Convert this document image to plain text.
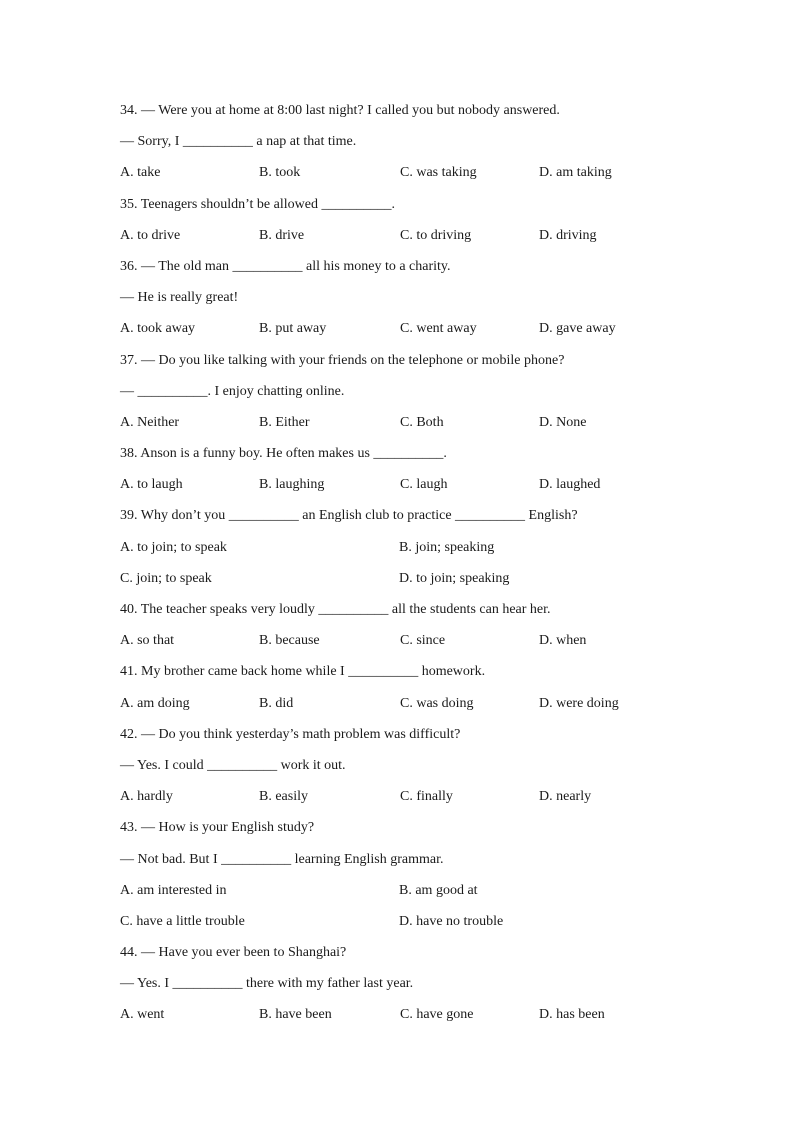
34. — Were you at home at 8:00 last night? I called you but nobody answered.
— Sorry, I __________ a nap at that time.
A. take	B. took	C. was taking	D. am taking
35. Teenagers shouldn’t be allowed __________.
A. to drive	B. drive	C. to driving	D. driving
36. — The old man __________ all his money to a charity.
— He is really great!
A. took away	B. put away	C. went away	D. gave away
37. — Do you like talking with your friends on the telephone or mobile phone?
— __________. I enjoy chatting online.
A. Neither	B. Either	C. Both	D. None
38. Anson is a funny boy. He often makes us __________.
A. to laugh	B. laughing	C. laugh	D. laughed
39. Why don’t you __________ an English club to practice __________ English?
A. to join; to speak	B. join; speaking
C. join; to speak	D. to join; speaking
40. The teacher speaks very loudly __________ all the students can hear her.
A. so that	B. because	C. since	D. when
41. My brother came back home while I __________ homework.
A. am doing	B. did	C. was doing	D. were doing
42. — Do you think yesterday’s math problem was difficult?
— Yes. I could __________ work it out.
A. hardly	B. easily	C. finally	D. nearly
43. — How is your English study?
— Not bad. But I __________ learning English grammar.
A. am interested in	B. am good at
C. have a little trouble	D. have no trouble
44. — Have you ever been to Shanghai?
— Yes. I __________ there with my father last year.
A. went	B. have been	C. have gone	D. has been
